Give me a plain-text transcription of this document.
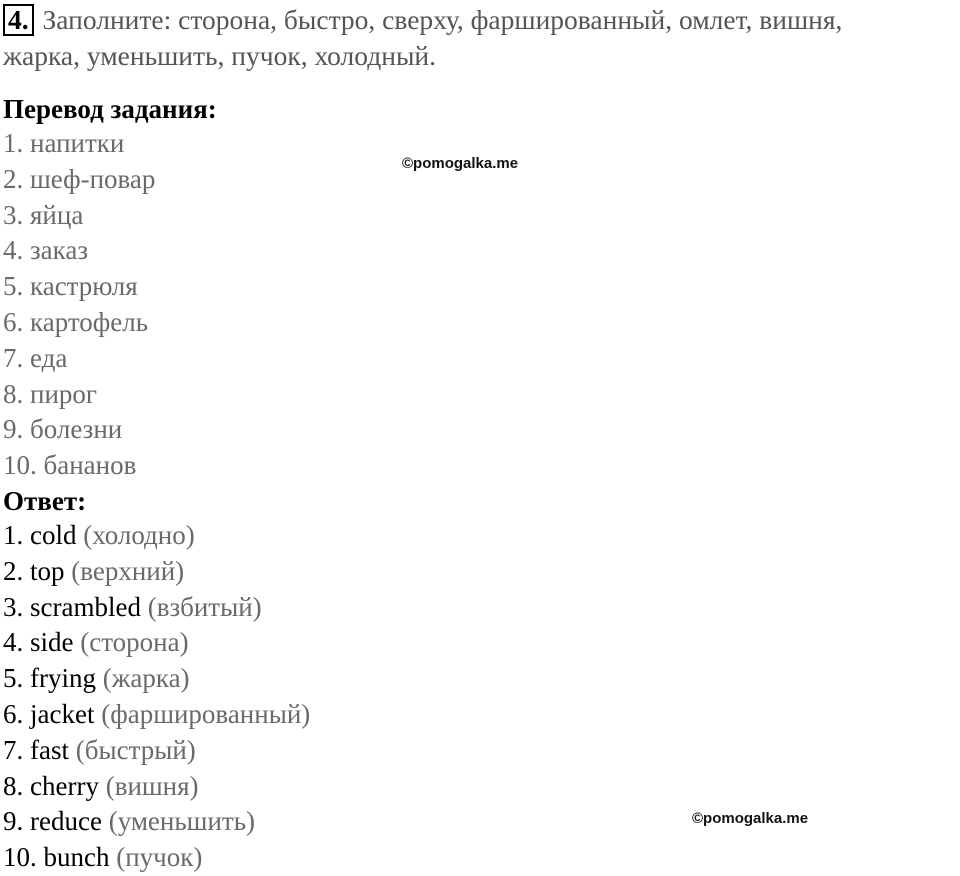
4. Заполните: сторона, быстро, сверху, фаршированный, омлет, вишня,
жарка, уменьшить, пучок, холодный.
Перевод задания:
1. напитки
2. шеф-повар
3. яйца
4. заказ
5. кастрюля
6. картофель
7. еда
8. пирог
9. болезни
10. бананов
Ответ:
1. cold (холодно)
2. top (верхний)
3. scrambled (взбитый)
4. side (сторона)
5. frying (жарка)
6. jacket (фаршированный)
7. fast (быстрый)
8. cherry (вишня)
9. reduce (уменьшить)
10. bunch (пучок)
©pomogalka.me
©pomogalka.me
